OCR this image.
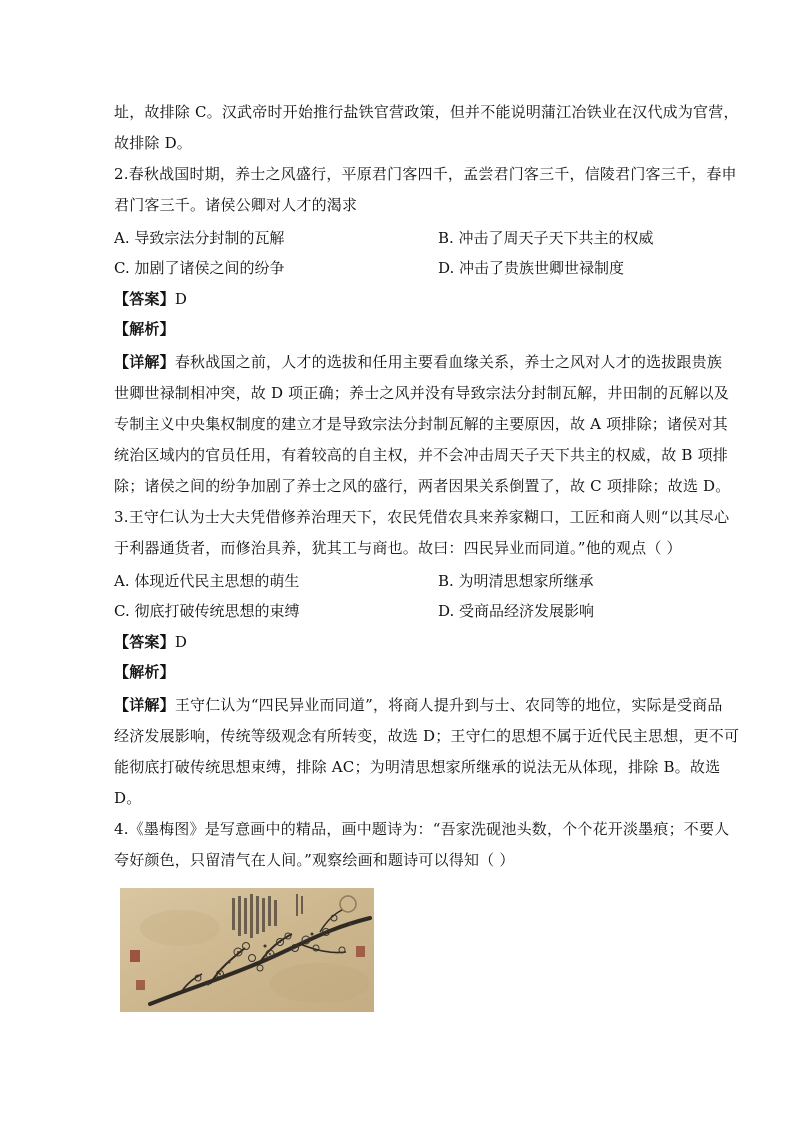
址，故排除 C。汉武帝时开始推行盐铁官营政策，但并不能说明蒲江冶铁业在汉代成为官营，
故排除 D。
2.春秋战国时期，养士之风盛行，平原君门客四千，孟尝君门客三千，信陵君门客三千，春申
君门客三千。诸侯公卿对人才的渴求
A. 导致宗法分封制的瓦解	B. 冲击了周天子天下共主的权威
C. 加剧了诸侯之间的纷争	D. 冲击了贵族世卿世禄制度
【答案】D
【解析】
【详解】春秋战国之前，人才的选拔和任用主要看血缘关系，养士之风对人才的选拔跟贵族
世卿世禄制相冲突，故 D 项正确；养士之风并没有导致宗法分封制瓦解，井田制的瓦解以及
专制主义中央集权制度的建立才是导致宗法分封制瓦解的主要原因，故 A 项排除；诸侯对其
统治区域内的官员任用，有着较高的自主权，并不会冲击周天子天下共主的权威，故 B 项排
除；诸侯之间的纷争加剧了养士之风的盛行，两者因果关系倒置了，故 C 项排除；故选 D。
3.王守仁认为士大夫凭借修养治理天下，农民凭借农具来养家糊口，工匠和商人则“以其尽心
于利器通货者，而修治具养，犹其工与商也。故曰：四民异业而同道。”他的观点（ ）
A. 体现近代民主思想的萌生	B. 为明清思想家所继承
C. 彻底打破传统思想的束缚	D. 受商品经济发展影响
【答案】D
【解析】
【详解】王守仁认为“四民异业而同道”，将商人提升到与士、农同等的地位，实际是受商品
经济发展影响，传统等级观念有所转变，故选 D；王守仁的思想不属于近代民主思想，更不可
能彻底打破传统思想束缚，排除 AC；为明清思想家所继承的说法无从体现，排除 B。故选
D。
4.《墨梅图》是写意画中的精品，画中题诗为：“吾家洗砚池头数，个个花开淡墨痕；不要人
夸好颜色，只留清气在人间。”观察绘画和题诗可以得知（ ）
